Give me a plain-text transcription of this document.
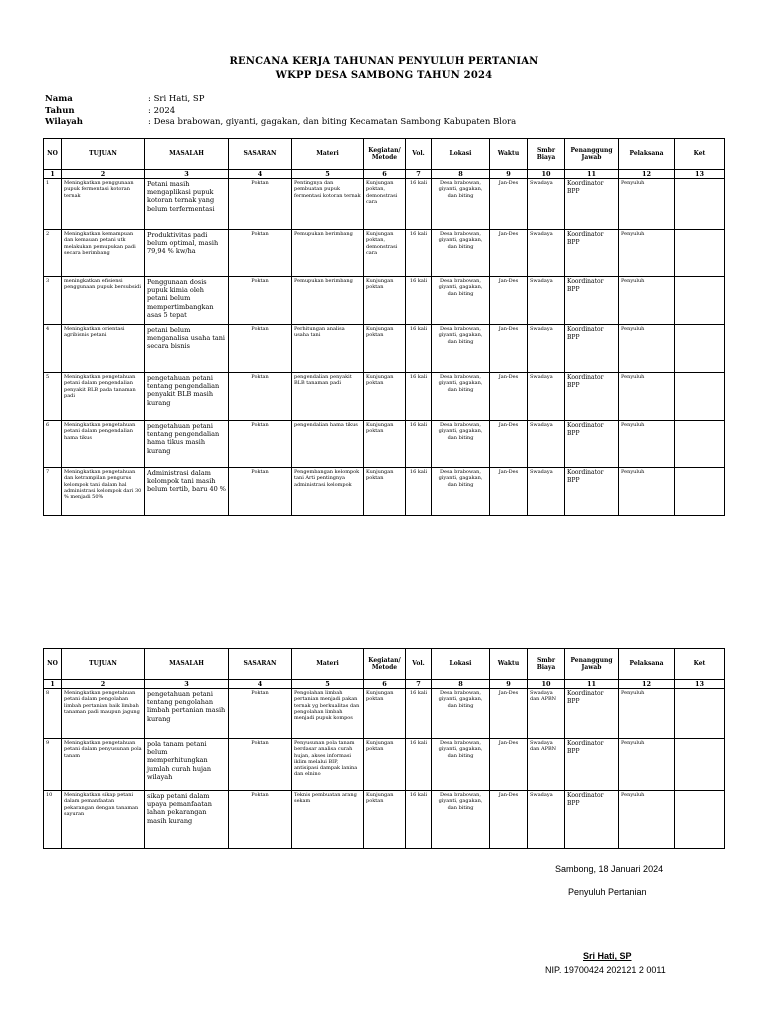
RENCANA KERJA TAHUNAN PENYULUH PERTANIAN
WKPP DESA SAMBONG TAHUN 2024
Nama	: Sri Hati, SP
Tahun	: 2024
Wilayah	: Desa brabowan, giyanti, gagakan, dan biting Kecamatan Sambong Kabupaten Blora
NO	TUJUAN	MASALAH	SASARAN	Materi	Kegiatan/ Metode	Vol.	Lokasi	Waktu	Smbr Biaya	Penanggung Jawab	Pelaksana	Ket
1	2	3	4	5	6	7	8	9	10	11	12	13
1	Meningkatkan penggunaan pupuk fermentasi kotoran ternak	Petani masih mengaplikasi pupuk kotoran ternak yang belum terfermentasi	Poktan	Pentingnya dan pembuatan pupuk fermentasi kotoran ternak	Kunjungan poktan, demonstrasi cara	16 kali	Desa brabowan, giyanti, gagakan, dan biting	Jan-Des	Swadaya	Koordinator BPP	Penyuluh	
2	Meningkatkan kemampuan dan kemauan petani utk melakukan pemupukan padi secara berimbang	Produktivitas padi belum optimal, masih 79,94 % kw/ha	Poktan	Pemupukan berimbang	Kunjungan poktan, demonstrasi cara	16 kali	Desa brabowan, giyanti, gagakan, dan biting	Jan-Des	Swadaya	Koordinator BPP	Penyuluh	
3	meningkatkan efisiensi penggunaan pupuk bersubsidi	Penggunaan dosis pupuk kimia oleh petani belum mempertimbangkan asas 5 tepat	Poktan	Pemupukan berimbang	Kunjungan poktan	16 kali	Desa brabowan, giyanti, gagakan, dan biting	Jan-Des	Swadaya	Koordinator BPP	Penyuluh	
4	Meningkatkan orientasi agribisnis petani	petani belum menganalisa usaha tani secara bisnis	Poktan	Perhitungan analisa usaha tani	Kunjungan poktan	16 kali	Desa brabowan, giyanti, gagakan, dan biting	Jan-Des	Swadaya	Koordinator BPP	Penyuluh	
5	Meningkatkan pengetahuan petani dalam pengendalian penyakit BLB pada tanaman padi	pengetahuan petani tentang pengendalian penyakit BLB masih kurang	Poktan	pengendalian penyakit BLB tanaman padi	Kunjungan poktan	16 kali	Desa brabowan, giyanti, gagakan, dan biting	Jan-Des	Swadaya	Koordinator BPP	Penyuluh	
6	Meningkatkan pengetahuan petani dalam pengendalian hama tikus	pengetahuan petani tentang pengendalian hama tikus masih kurang	Poktan	pengendalian hama tikus	Kunjungan poktan	16 kali	Desa brabowan, giyanti, gagakan, dan biting	Jan-Des	Swadaya	Koordinator BPP	Penyuluh	
7	Meningkatkan pengetahuan dan ketrampilan pengurus kelompok tani dalam hal administrasi kelompok dari 30 % menjadi 50%	Administrasi dalam kelompok tani masih belum tertib, baru 40 %	Poktan	Pengembangan kelompok tani Arti pentingnya administrasi kelompok	Kunjungan poktan	16 kali	Desa brabowan, giyanti, gagakan, dan biting	Jan-Des	Swadaya	Koordinator BPP	Penyuluh	
NO	TUJUAN	MASALAH	SASARAN	Materi	Kegiatan/ Metode	Vol.	Lokasi	Waktu	Smbr Biaya	Penanggung Jawab	Pelaksana	Ket
1	2	3	4	5	6	7	8	9	10	11	12	13
8	Meningkatkan pengetahuan petani dalam pengolahan limbah pertanian baik limbah tanaman padi maupun jagung	pengetahuan petani tentang pengolahan limbah pertanian masih kurang	Poktan	Pengolahan limbah pertanian menjadi pakan ternak yg berkualitas dan pengolahan limbah menjadi pupuk kompos	Kunjungan poktan	16 kali	Desa brabowan, giyanti, gagakan, dan biting	Jan-Des	Swadaya dan APBN	Koordinator BPP	Penyuluh	
9	Meningkatkan pengetahuan petani dalam penyusunan pola tanam	pola tanam petani belum memperhitungkan jumlah curah hujan wilayah	Poktan	Penyusunan pola tanam berdasar analisa curah hujan, akses informasi iklim melalui BIP, antisipasi dampak lanina dan elnino	Kunjungan poktan	16 kali	Desa brabowan, giyanti, gagakan, dan biting	Jan-Des	Swadaya dan APBN	Koordinator BPP	Penyuluh	
10	Meningkatkan sikap petani dalam pemanfaatan pekarangan dengan tanaman sayuran	sikap petani dalam upaya pemanfaatan lahan pekarangan masih kurang	Poktan	Teknis pembuatan arang sekam	Kunjungan poktan	16 kali	Desa brabowan, giyanti, gagakan, dan biting	Jan-Des	Swadaya	Koordinator BPP	Penyuluh	
Sambong, 18 Januari 2024
Penyuluh Pertanian
Sri Hati, SP
NIP. 19700424 202121 2 0011
